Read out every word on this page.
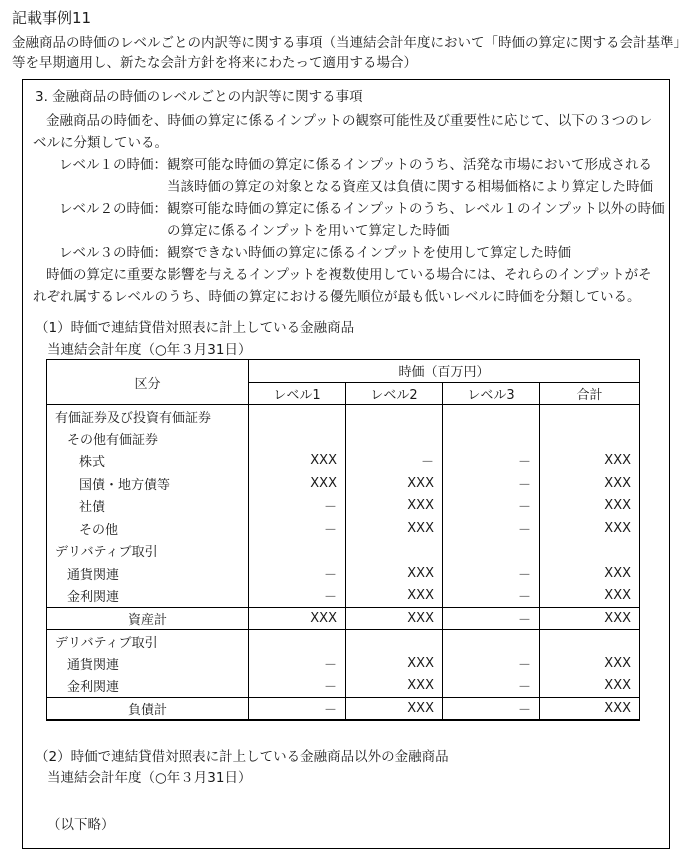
記載事例11
金融商品の時価のレベルごとの内訳等に関する事項（当連結会計年度において「時価の算定に関する会計基準」等を早期適用し、新たな会計方針を将来にわたって適用する場合）
3. 金融商品の時価のレベルごとの内訳等に関する事項

金融商品の時価を、時価の算定に係るインプットの観察可能性及び重要性に応じて、以下の３つのレベルに分類している。

レベル１の時価： 観察可能な時価の算定に係るインプットのうち、活発な市場において形成される当該時価の算定の対象となる資産又は負債に関する相場価格により算定した時価
レベル２の時価： 観察可能な時価の算定に係るインプットのうち、レベル１のインプット以外の時価の算定に係るインプットを用いて算定した時価
レベル３の時価： 観察できない時価の算定に係るインプットを使用して算定した時価

時価の算定に重要な影響を与えるインプットを複数使用している場合には、それらのインプットがそれぞれ属するレベルのうち、時価の算定における優先順位が最も低いレベルに時価を分類している。

（1）時価で連結貸借対照表に計上している金融商品
当連結会計年度（○年３月31日）
区分	時価（百万円）			
	レベル1	レベル2	レベル3	合計
有価証券及び投資有価証券				
その他有価証券				
株式	XXX	－	－	XXX
国債・地方債等	XXX	XXX	－	XXX
社債	－	XXX	－	XXX
その他	－	XXX	－	XXX
デリバティブ取引				
通貨関連	－	XXX	－	XXX
金利関連	－	XXX	－	XXX
資産計	XXX	XXX	－	XXX
デリバティブ取引				
通貨関連	－	XXX	－	XXX
金利関連	－	XXX	－	XXX
負債計	－	XXX	－	XXX
（2）時価で連結貸借対照表に計上している金融商品以外の金融商品
当連結会計年度（○年３月31日）
（以下略）
